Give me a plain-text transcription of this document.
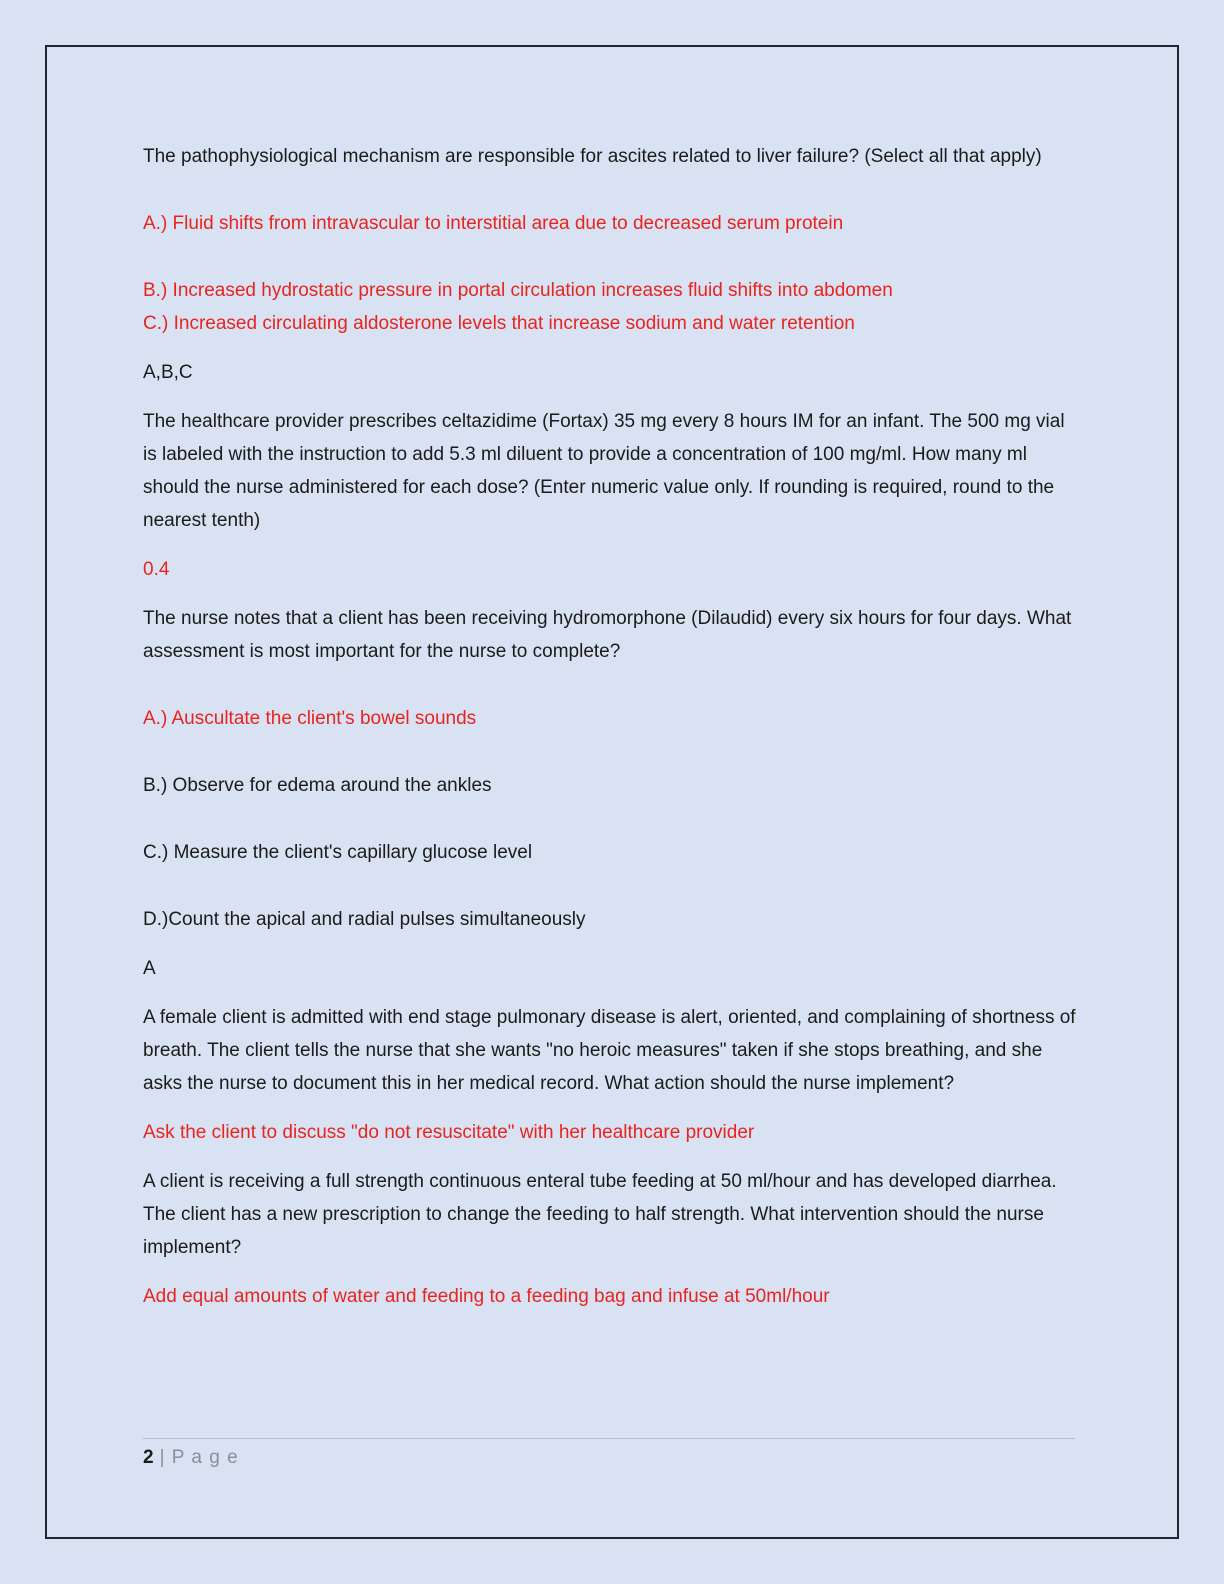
The pathophysiological mechanism are responsible for ascites related to liver failure? (Select all that apply)

A.) Fluid shifts from intravascular to interstitial area due to decreased serum protein

B.) Increased hydrostatic pressure in portal circulation increases fluid shifts into abdomen

C.) Increased circulating aldosterone levels that increase sodium and water retention

A,B,C

The healthcare provider prescribes celtazidime (Fortax) 35 mg every 8 hours IM for an infant. The 500 mg vial is labeled with the instruction to add 5.3 ml diluent to provide a concentration of 100 mg/ml. How many ml should the nurse administered for each dose? (Enter numeric value only. If rounding is required, round to the nearest tenth)

0.4

The nurse notes that a client has been receiving hydromorphone (Dilaudid) every six hours for four days. What assessment is most important for the nurse to complete?

A.) Auscultate the client's bowel sounds

B.) Observe for edema around the ankles

C.) Measure the client's capillary glucose level

D.)Count the apical and radial pulses simultaneously

A

A female client is admitted with end stage pulmonary disease is alert, oriented, and complaining of shortness of breath. The client tells the nurse that she wants "no heroic measures" taken if she stops breathing, and she asks the nurse to document this in her medical record. What action should the nurse implement?

Ask the client to discuss "do not resuscitate" with her healthcare provider

A client is receiving a full strength continuous enteral tube feeding at 50 ml/hour and has developed diarrhea. The client has a new prescription to change the feeding to half strength. What intervention should the nurse implement?

Add equal amounts of water and feeding to a feeding bag and infuse at 50ml/hour

2 | P a g e
